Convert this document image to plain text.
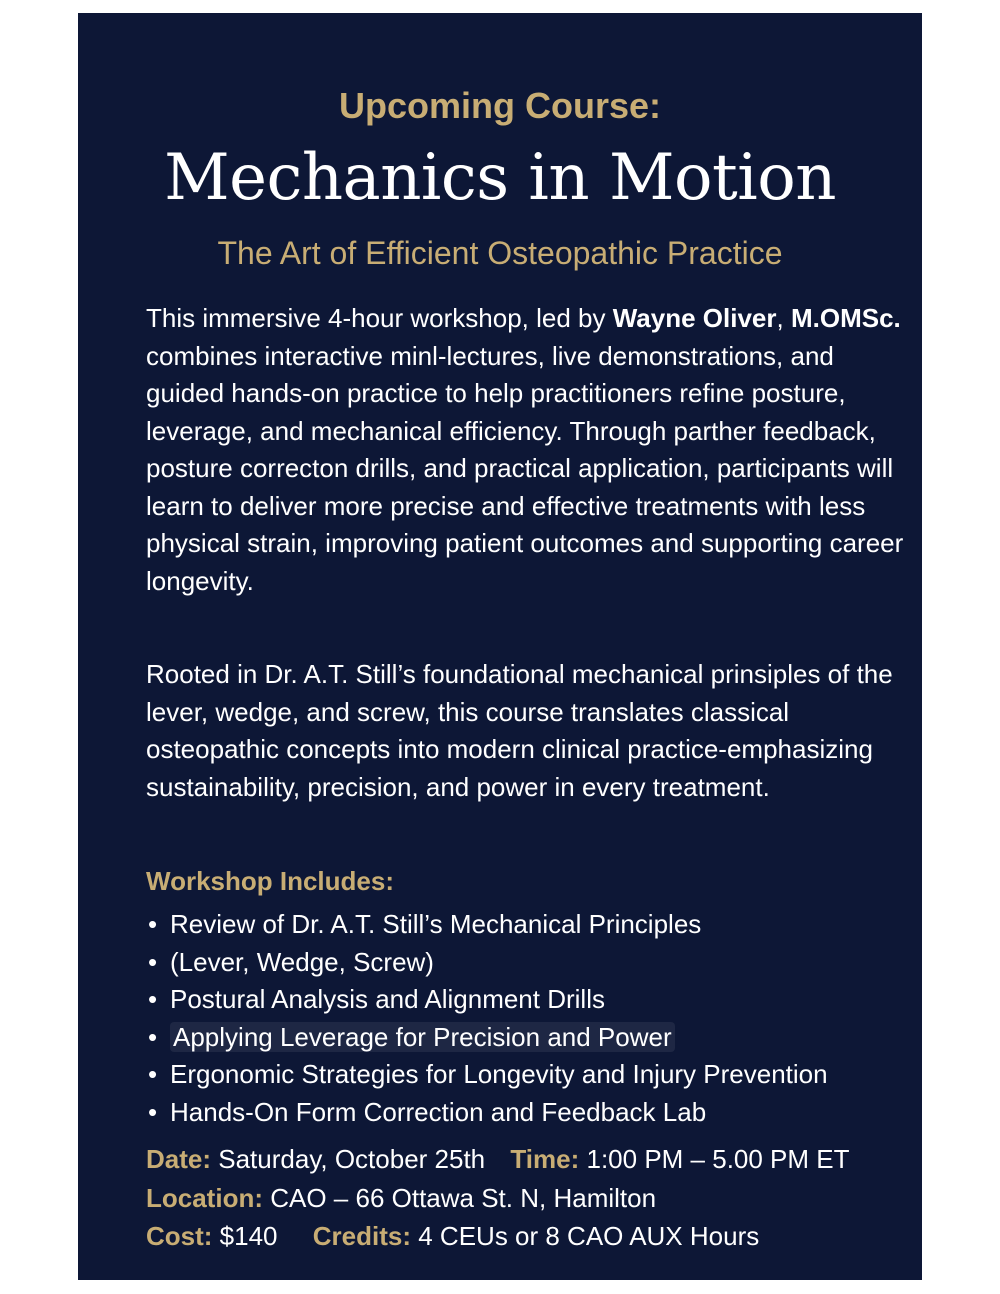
Upcoming Course:
Mechanics in Motion
The Art of Efficient Osteopathic Practice

This immersive 4-hour workshop, led by Wayne Oliver, M.OMSc. combines interactive minl-lectures, live demonstrations, and guided hands-on practice to help practitioners refine posture, leverage, and mechanical efficiency. Through parther feedback, posture correcton drills, and practical application, participants will learn to deliver more precise and effective treatments with less physical strain, improving patient outcomes and supporting career longevity.

Rooted in Dr. A.T. Still’s foundational mechanical prinsiples of the lever, wedge, and screw, this course translates classical osteopathic concepts into modern clinical practice-emphasizing sustainability, precision, and power in every treatment.

Workshop Includes:
• Review of Dr. A.T. Still’s Mechanical Principles
• (Lever, Wedge, Screw)
• Postural Analysis and Alignment Drills
• Applying Leverage for Precision and Power
• Ergonomic Strategies for Longevity and Injury Prevention
• Hands-On Form Correction and Feedback Lab
Date: Saturday, October 25th Time: 1:00 PM – 5.00 PM ET
Location: CAO – 66 Ottawa St. N, Hamilton
Cost: $140 Credits: 4 CEUs or 8 CAO AUX Hours
